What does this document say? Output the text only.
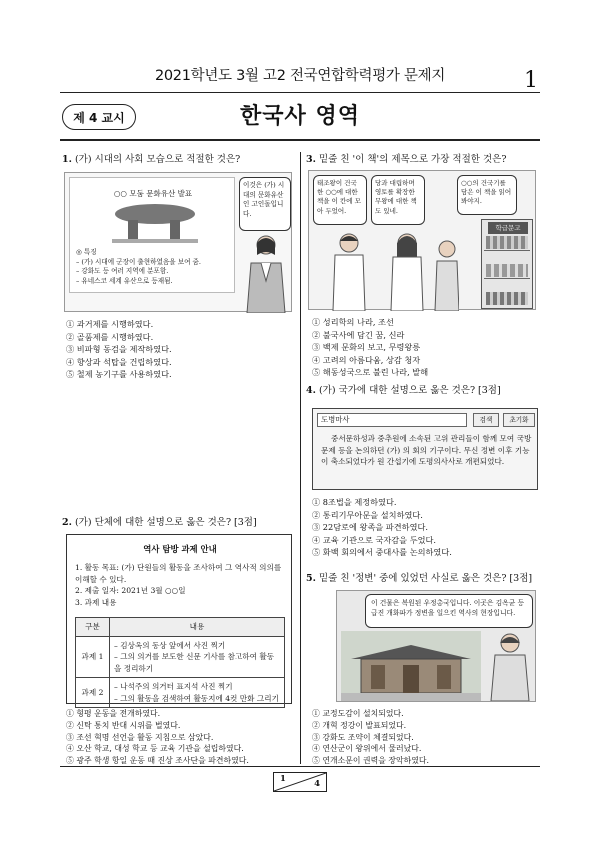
2021학년도 3월 고2 전국연합학력평가 문제지	1
제 4 교시	한국사 영역
1. (가) 시대의 사회 모습으로 적절한 것은?
○○ 모둠 문화유산 발표
◎ 특징
– (가) 시대에 군장이 출현하였음을 보여 줌.
– 강화도 등 여러 지역에 분포함.
– 유네스코 세계 유산으로 등재됨.
이것은 (가) 시대의 문화유산인 고인돌입니다.
① 과거제를 시행하였다.
② 골품제를 시행하였다.
③ 비파형 동검을 제작하였다.
④ 향상과 석탑을 건립하였다.
⑤ 철제 농기구를 사용하였다.
2. (가) 단체에 대한 설명으로 옳은 것은? [3점]
역사 탐방 과제 안내
1. 활동 목표: (가) 단원들의 활동을 조사하여 그 역사적 의의를 이해할 수 있다.
2. 제출 일자: 2021년 3월 ○○일
3. 과제 내용
구분	내용
과제 1	– 김상옥의 동상 앞에서 사진 찍기
– 그의 의거를 보도한 신문 기사를 참고하여 활동을 정리하기

과제 2	– 나석주의 의거터 표지석 사진 찍기
– 그의 활동을 검색하여 활동지에 4컷 만화 그리기
① 형평 운동을 전개하였다.
② 신탁 통치 반대 시위를 벌였다.
③ 조선 혁명 선언을 활동 지침으로 삼았다.
④ 오산 학교, 대성 학교 등 교육 기관을 설립하였다.
⑤ 광주 학생 항일 운동 때 진상 조사단을 파견하였다.
3. 밑줄 친 '이 책'의 제목으로 가장 적절한 것은?
태조왕이 건국한 ○○에 대한 책을 이 칸에 모아 두었어.
당과 대립하며 영토를 확장한 무왕에 대한 책도 있네.
○○의 건국기를 담은 이 책을 읽어 봐야지.
학급문고
① 성리학의 나라, 조선
② 불국사에 담긴 꿈, 신라
③ 백제 문화의 보고, 무령왕릉
④ 고려의 아름다움, 상감 청자
⑤ 해동성국으로 불린 나라, 발해
4. (가) 국가에 대한 설명으로 옳은 것은? [3점]
도병마사	검색	초기화
중서문하성과 중추원에 소속된 고위 관리들이 함께 모여 국방 문제 등을 논의하던 (가) 의 회의 기구이다. 무신 정변 이후 기능이 축소되었다가 원 간섭기에 도평의사사로 개편되었다.
① 8조법을 제정하였다.
② 통리기무아문을 설치하였다.
③ 22담로에 왕족을 파견하였다.
④ 교육 기관으로 국자감을 두었다.
⑤ 화백 회의에서 중대사를 논의하였다.
5. 밑줄 친 '정변' 중에 있었던 사실로 옳은 것은? [3점]
이 건물은 복원된 우정총국입니다. 이곳은 김옥균 등 급진 개화파가 정변을 일으킨 역사의 현장입니다.
① 교정도감이 설치되었다.
② 개혁 정강이 발표되었다.
③ 강화도 조약이 체결되었다.
④ 연산군이 왕위에서 물러났다.
⑤ 연개소문이 권력을 장악하였다.
1	4
